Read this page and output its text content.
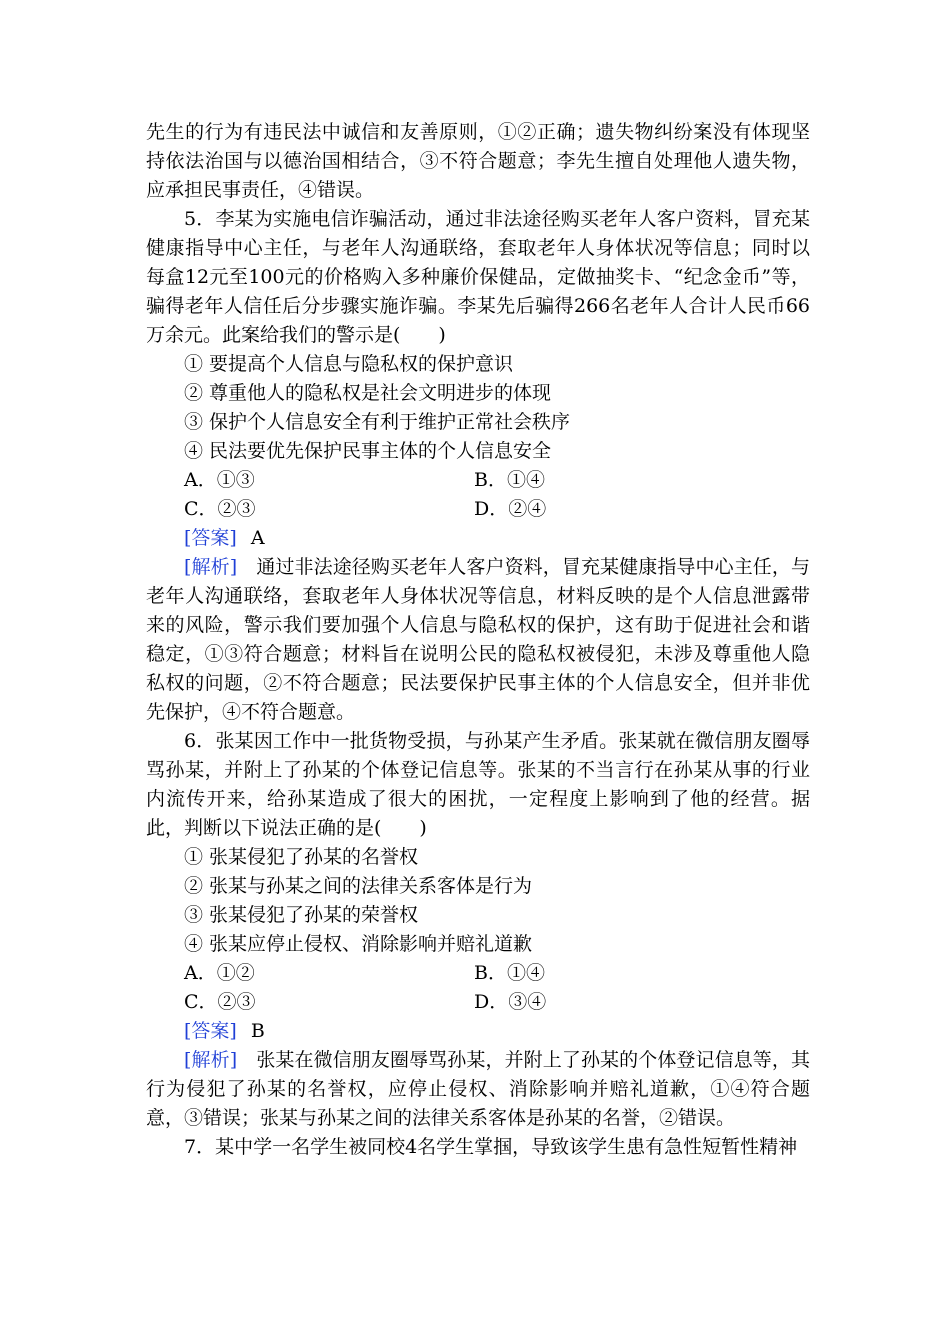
先生的行为有违民法中诚信和友善原则，①②正确；遗失物纠纷案没有体现坚持依法治国与以德治国相结合，③不符合题意；李先生擅自处理他人遗失物，应承担民事责任，④错误。
5．李某为实施电信诈骗活动，通过非法途径购买老年人客户资料，冒充某健康指导中心主任，与老年人沟通联络，套取老年人身体状况等信息；同时以每盒12元至100元的价格购入多种廉价保健品，定做抽奖卡、“纪念金币”等，骗得老年人信任后分步骤实施诈骗。李某先后骗得266名老年人合计人民币66万余元。此案给我们的警示是(　　)
① 要提高个人信息与隐私权的保护意识
② 尊重他人的隐私权是社会文明进步的体现
③ 保护个人信息安全有利于维护正常社会秩序
④ 民法要优先保护民事主体的个人信息安全
A．①③	B．①④
C．②③	D．②④
[答案] A
[解析]　 通过非法途径购买老年人客户资料，冒充某健康指导中心主任，与老年人沟通联络，套取老年人身体状况等信息，材料反映的是个人信息泄露带来的风险，警示我们要加强个人信息与隐私权的保护，这有助于促进社会和谐稳定，①③符合题意；材料旨在说明公民的隐私权被侵犯，未涉及尊重他人隐私权的问题，②不符合题意；民法要保护民事主体的个人信息安全，但并非优先保护，④不符合题意。
6．张某因工作中一批货物受损，与孙某产生矛盾。张某就在微信朋友圈辱骂孙某，并附上了孙某的个体登记信息等。张某的不当言行在孙某从事的行业内流传开来，给孙某造成了很大的困扰，一定程度上影响到了他的经营。据此，判断以下说法正确的是(　　)
① 张某侵犯了孙某的名誉权
② 张某与孙某之间的法律关系客体是行为
③ 张某侵犯了孙某的荣誉权
④ 张某应停止侵权、消除影响并赔礼道歉
A．①②	B．①④
C．②③	D．③④
[答案] B
[解析]　 张某在微信朋友圈辱骂孙某，并附上了孙某的个体登记信息等，其行为侵犯了孙某的名誉权，应停止侵权、消除影响并赔礼道歉，①④符合题意，③错误；张某与孙某之间的法律关系客体是孙某的名誉，②错误。
7．某中学一名学生被同校4名学生掌掴，导致该学生患有急性短暂性精神
